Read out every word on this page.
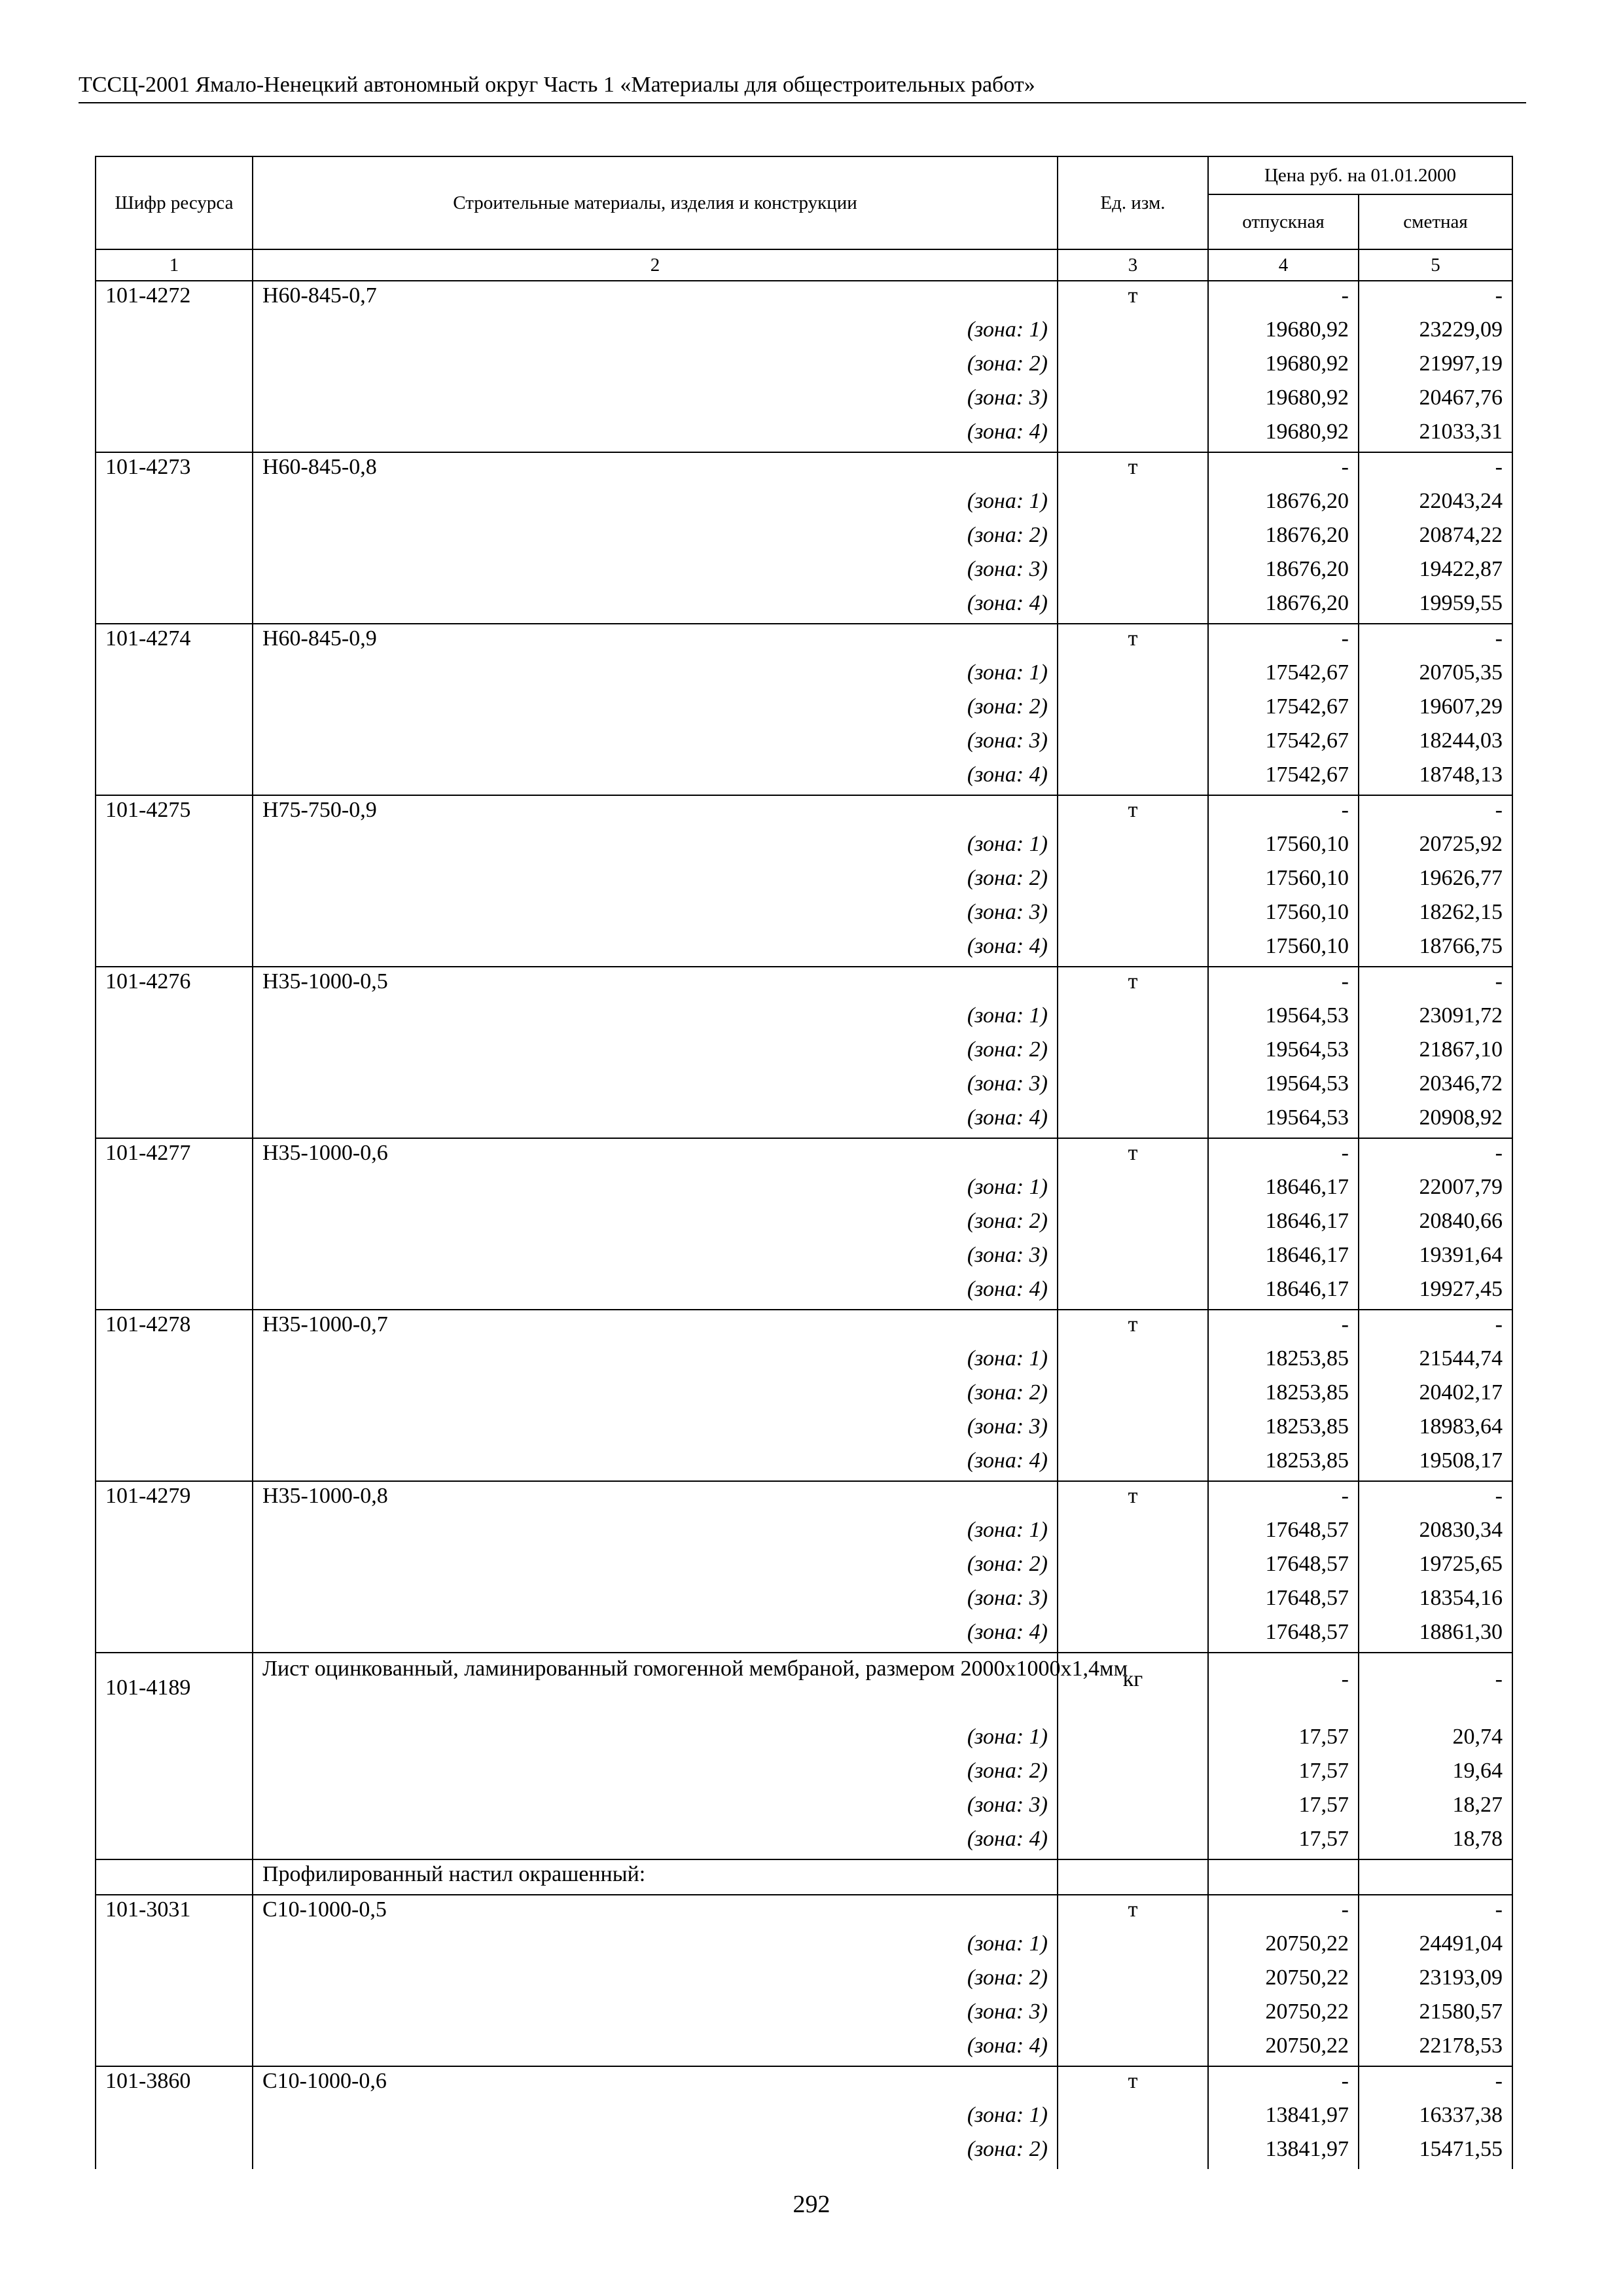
ТССЦ-2001 Ямало-Ненецкий автономный округ Часть 1 «Материалы для общестроительных работ»
Шифр ресурса	Строительные материалы, изделия и конструкции	Ед. изм.	Цена руб. на 01.01.2000	
			отпускная	сметная
1	2	3	4	5
101-4272	Н60-845-0,7	т	-	-
	(зона: 1)		19680,92	23229,09
	(зона: 2)		19680,92	21997,19
	(зона: 3)		19680,92	20467,76
	(зона: 4)		19680,92	21033,31
101-4273	Н60-845-0,8	т	-	-
	(зона: 1)		18676,20	22043,24
	(зона: 2)		18676,20	20874,22
	(зона: 3)		18676,20	19422,87
	(зона: 4)		18676,20	19959,55
101-4274	Н60-845-0,9	т	-	-
	(зона: 1)		17542,67	20705,35
	(зона: 2)		17542,67	19607,29
	(зона: 3)		17542,67	18244,03
	(зона: 4)		17542,67	18748,13
101-4275	Н75-750-0,9	т	-	-
	(зона: 1)		17560,10	20725,92
	(зона: 2)		17560,10	19626,77
	(зона: 3)		17560,10	18262,15
	(зона: 4)		17560,10	18766,75
101-4276	Н35-1000-0,5	т	-	-
	(зона: 1)		19564,53	23091,72
	(зона: 2)		19564,53	21867,10
	(зона: 3)		19564,53	20346,72
	(зона: 4)		19564,53	20908,92
101-4277	Н35-1000-0,6	т	-	-
	(зона: 1)		18646,17	22007,79
	(зона: 2)		18646,17	20840,66
	(зона: 3)		18646,17	19391,64
	(зона: 4)		18646,17	19927,45
101-4278	Н35-1000-0,7	т	-	-
	(зона: 1)		18253,85	21544,74
	(зона: 2)		18253,85	20402,17
	(зона: 3)		18253,85	18983,64
	(зона: 4)		18253,85	19508,17
101-4279	Н35-1000-0,8	т	-	-
	(зона: 1)		17648,57	20830,34
	(зона: 2)		17648,57	19725,65
	(зона: 3)		17648,57	18354,16
	(зона: 4)		17648,57	18861,30
101-4189	Лист оцинкованный, ламинированный гомогенной мембраной, размером 2000х1000х1,4мм	кг	-	-
	(зона: 1)		17,57	20,74
	(зона: 2)		17,57	19,64
	(зона: 3)		17,57	18,27
	(зона: 4)		17,57	18,78
	Профилированный настил окрашенный:			
101-3031	С10-1000-0,5	т	-	-
	(зона: 1)		20750,22	24491,04
	(зона: 2)		20750,22	23193,09
	(зона: 3)		20750,22	21580,57
	(зона: 4)		20750,22	22178,53
101-3860	С10-1000-0,6	т	-	-
	(зона: 1)		13841,97	16337,38
	(зона: 2)		13841,97	15471,55
292
